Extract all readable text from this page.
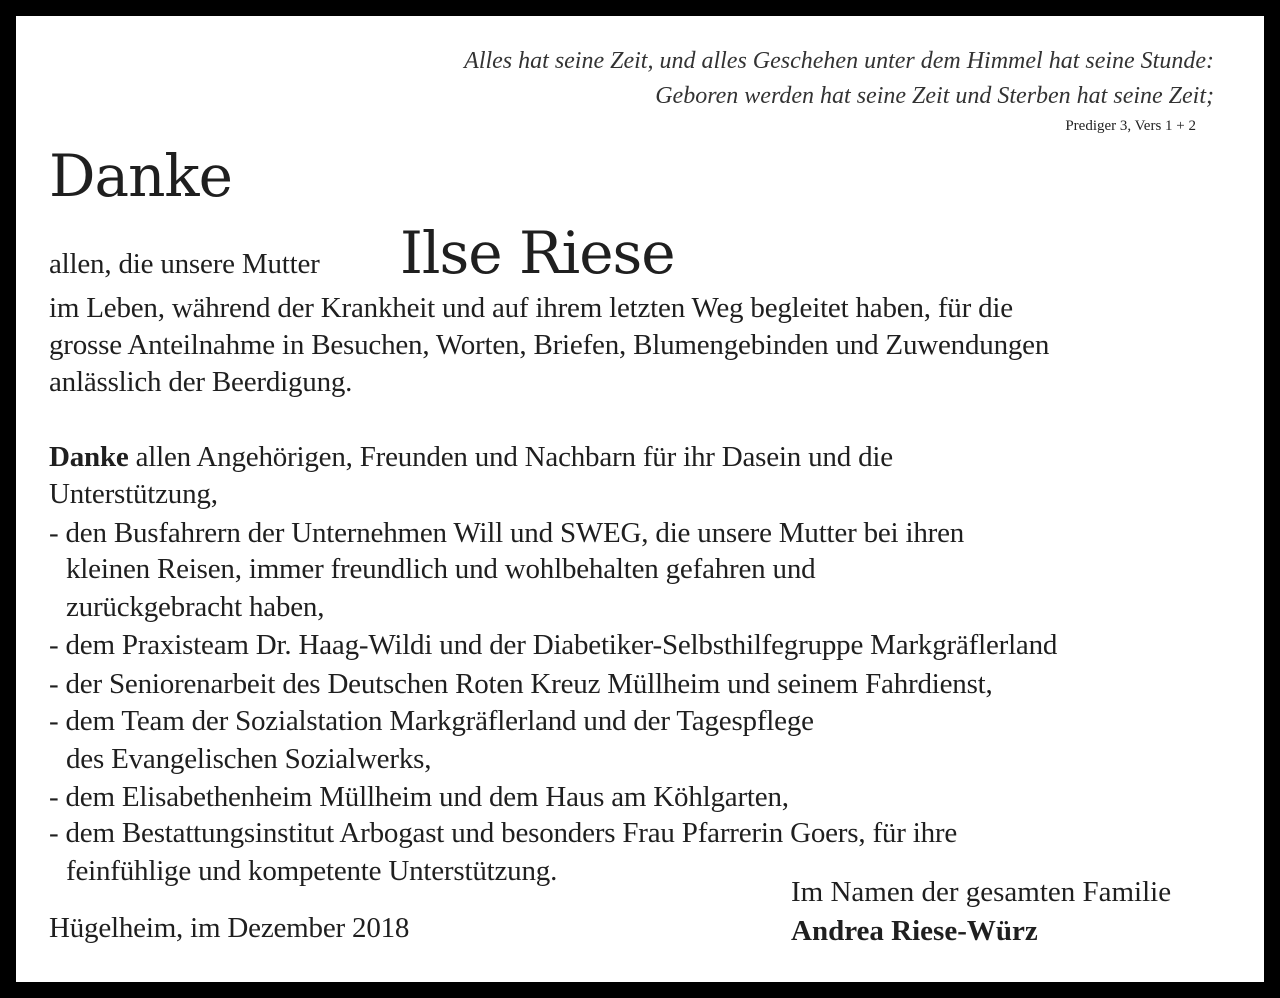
Alles hat seine Zeit, und alles Geschehen unter dem Himmel hat seine Stunde:
Geboren werden hat seine Zeit und Sterben hat seine Zeit;
Prediger 3, Vers 1 + 2
Danke
allen, die unsere Mutter Ilse Riese
im Leben, während der Krankheit und auf ihrem letzten Weg begleitet haben, für die
grosse Anteilnahme in Besuchen, Worten, Briefen, Blumengebinden und Zuwendungen
anlässlich der Beerdigung.
Danke allen Angehörigen, Freunden und Nachbarn für ihr Dasein und die
Unterstützung,
- den Busfahrern der Unternehmen Will und SWEG, die unsere Mutter bei ihren
kleinen Reisen, immer freundlich und wohlbehalten gefahren und
zurückgebracht haben,
- dem Praxisteam Dr. Haag-Wildi und der Diabetiker-Selbsthilfegruppe Markgräflerland
- der Seniorenarbeit des Deutschen Roten Kreuz Müllheim und seinem Fahrdienst,
- dem Team der Sozialstation Markgräflerland und der Tagespflege
des Evangelischen Sozialwerks,
- dem Elisabethenheim Müllheim und dem Haus am Köhlgarten,
- dem Bestattungsinstitut Arbogast und besonders Frau Pfarrerin Goers, für ihre
feinfühlige und kompetente Unterstützung.
Hügelheim, im Dezember 2018
Im Namen der gesamten Familie
Andrea Riese-Würz
